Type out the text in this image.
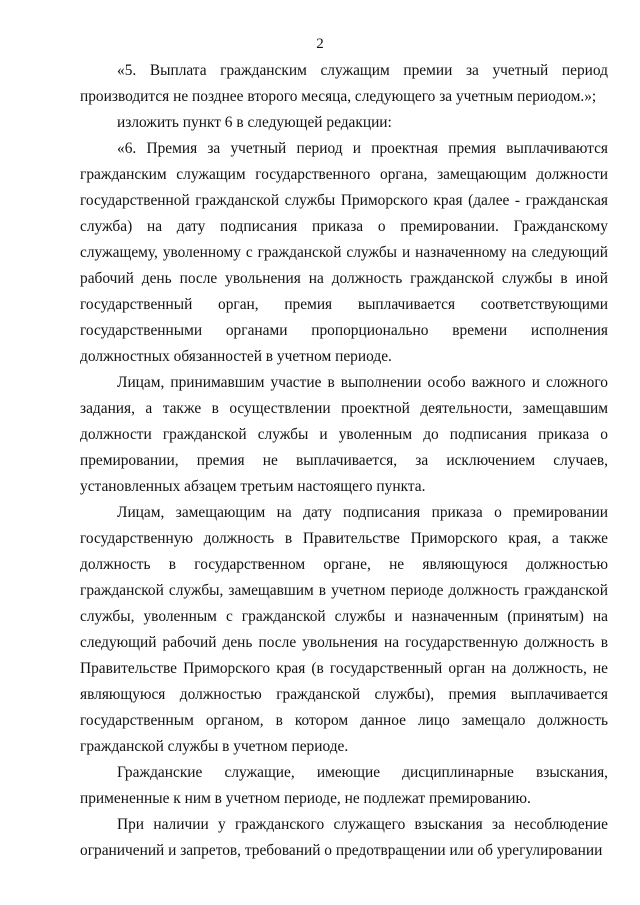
2

«5. Выплата гражданским служащим премии за учетный период производится не позднее второго месяца, следующего за учетным периодом.»;

изложить пункт 6 в следующей редакции:

«6. Премия за учетный период и проектная премия выплачиваются гражданским служащим государственного органа, замещающим должности государственной гражданской службы Приморского края (далее - гражданская служба) на дату подписания приказа о премировании. Гражданскому служащему, уволенному с гражданской службы и назначенному на следующий рабочий день после увольнения на должность гражданской службы в иной государственный орган, премия выплачивается соответствующими государственными органами пропорционально времени исполнения должностных обязанностей в учетном периоде.

Лицам, принимавшим участие в выполнении особо важного и сложного задания, а также в осуществлении проектной деятельности, замещавшим должности гражданской службы и уволенным до подписания приказа о премировании, премия не выплачивается, за исключением случаев, установленных абзацем третьим настоящего пункта.

Лицам, замещающим на дату подписания приказа о премировании государственную должность в Правительстве Приморского края, а также должность в государственном органе, не являющуюся должностью гражданской службы, замещавшим в учетном периоде должность гражданской службы, уволенным с гражданской службы и назначенным (принятым) на следующий рабочий день после увольнения на государственную должность в Правительстве Приморского края (в государственный орган на должность, не являющуюся должностью гражданской службы), премия выплачивается государственным органом, в котором данное лицо замещало должность гражданской службы в учетном периоде.

Гражданские служащие, имеющие дисциплинарные взыскания, примененные к ним в учетном периоде, не подлежат премированию.

При наличии у гражданского служащего взыскания за несоблюдение ограничений и запретов, требований о предотвращении или об урегулировании
